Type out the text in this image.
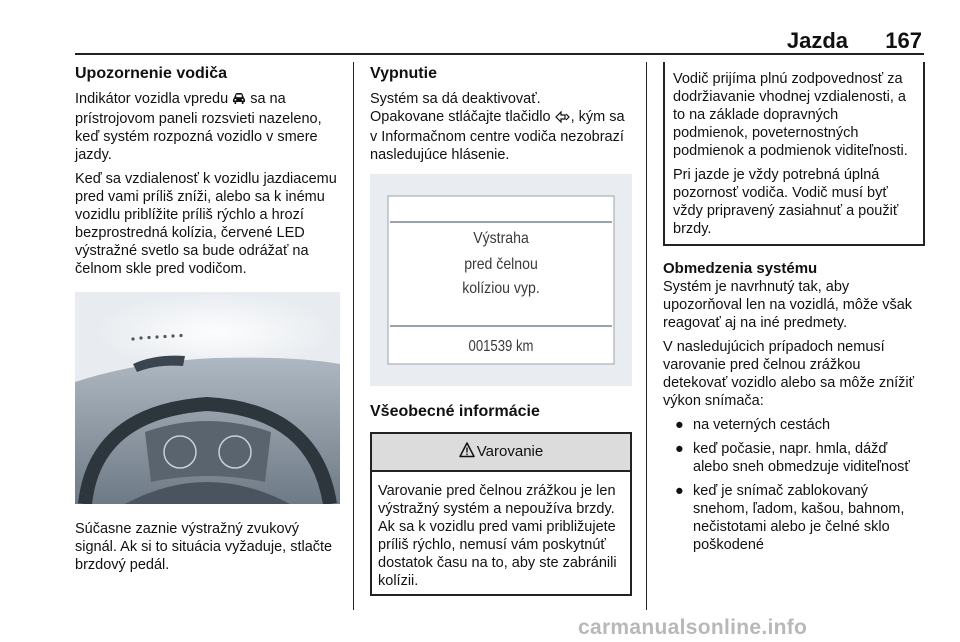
Jazda 167
Upozornenie vodiča

Indikátor vozidla vpredu  sa na prístrojovom paneli rozsvieti nazeleno, keď systém rozpozná vozidlo v smere jazdy.

Keď sa vzdialenosť k vozidlu jazdiacemu pred vami príliš zníži, alebo sa k inému vozidlu priblížite príliš rýchlo a hrozí bezprostredná kolízia, červené LED výstražné svetlo sa bude odrážať na čelnom skle pred vodičom.

Súčasne zaznie výstražný zvukový signál. Ak si to situácia vyžaduje, stlačte brzdový pedál.

Vypnutie

Systém sa dá deaktivovať.

Opakovane stláčajte tlačidlo , kým sa v Informačnom centre vodiča nezobrazí nasledujúce hlásenie.

Výstraha
pred čelnou
kolíziou vyp.
001539 km
Všeobecné informácie
Varovanie
Varovanie pred čelnou zrážkou je len výstražný systém a nepoužíva brzdy. Ak sa k vozidlu pred vami približujete príliš rýchlo, nemusí vám poskytnúť dostatok času na to, aby ste zabránili kolízii.

Vodič prijíma plnú zodpovednosť za dodržiavanie vhodnej vzdialenosti, a to na základe dopravných podmienok, poveternostných podmienok a podmienok viditeľnosti.

Pri jazde je vždy potrebná úplná pozornosť vodiča. Vodič musí byť vždy pripravený zasiahnuť a použiť brzdy.

Obmedzenia systému

Systém je navrhnutý tak, aby upozorňoval len na vozidlá, môže však reagovať aj na iné predmety.

V nasledujúcich prípadoch nemusí varovanie pred čelnou zrážkou detekovať vozidlo alebo sa môže znížiť výkon snímača:

● na veterných cestách
● keď počasie, napr. hmla, dážď alebo sneh obmedzuje viditeľnosť
● keď je snímač zablokovaný snehom, ľadom, kašou, bahnom, nečistotami alebo je čelné sklo poškodené
carmanualsonline.info
